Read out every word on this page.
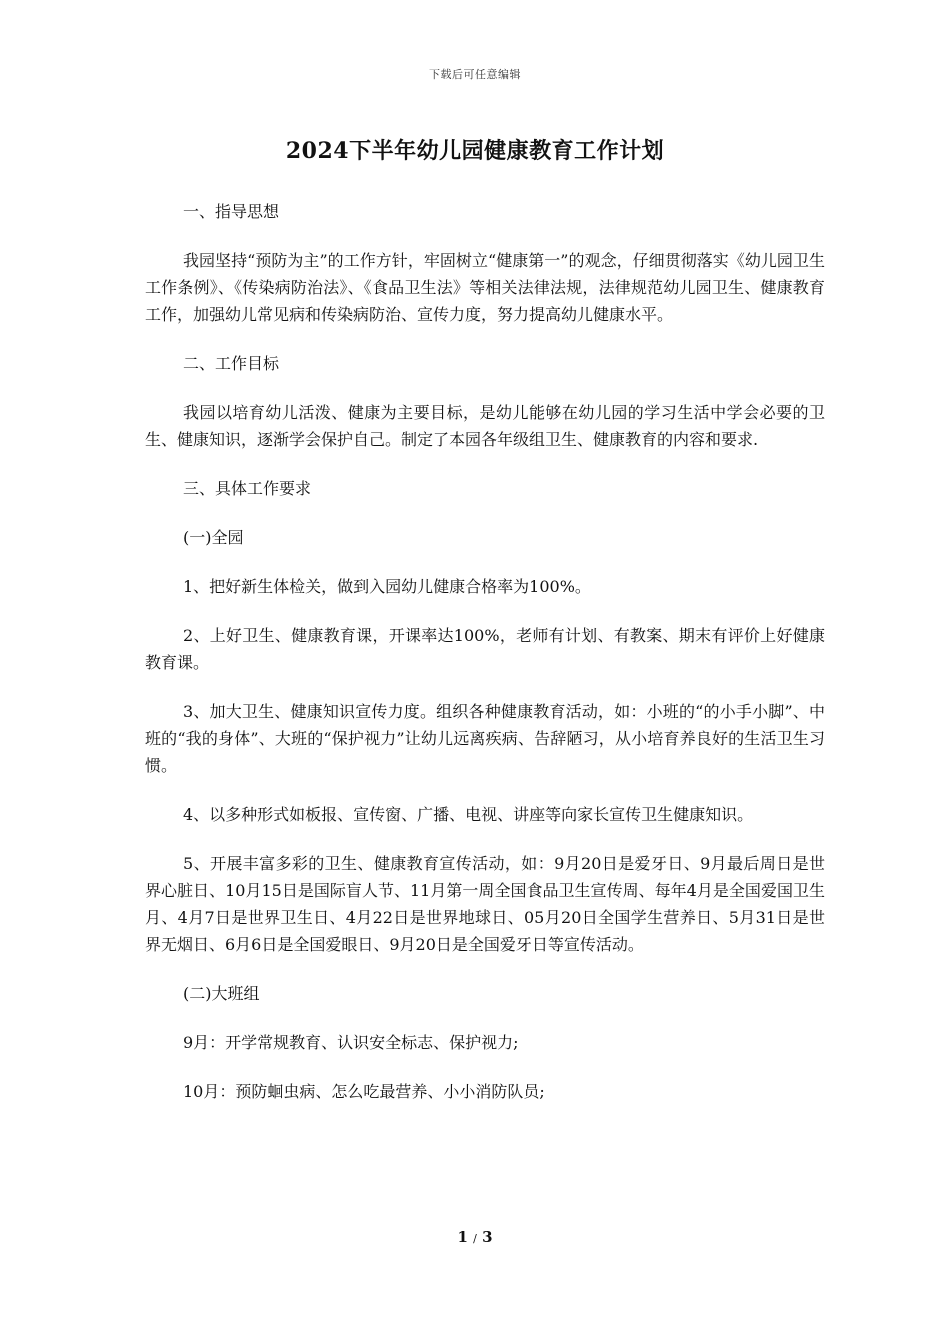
下载后可任意编辑
2024下半年幼儿园健康教育工作计划

一、指导思想

我园坚持“预防为主”的工作方针，牢固树立“健康第一”的观念，仔细贯彻落实《幼儿园卫生工作条例》、《传染病防治法》、《食品卫生法》等相关法律法规，法律规范幼儿园卫生、健康教育工作，加强幼儿常见病和传染病防治、宣传力度，努力提高幼儿健康水平。

二、工作目标

我园以培育幼儿活泼、健康为主要目标，是幼儿能够在幼儿园的学习生活中学会必要的卫生、健康知识，逐渐学会保护自己。制定了本园各年级组卫生、健康教育的内容和要求.

三、具体工作要求

(一)全园

1、把好新生体检关，做到入园幼儿健康合格率为100%。

2、上好卫生、健康教育课，开课率达100%，老师有计划、有教案、期末有评价上好健康教育课。

3、加大卫生、健康知识宣传力度。组织各种健康教育活动，如：小班的“的小手小脚”、中班的“我的身体”、大班的“保护视力”让幼儿远离疾病、告辞陋习，从小培育养良好的生活卫生习惯。

4、以多种形式如板报、宣传窗、广播、电视、讲座等向家长宣传卫生健康知识。

5、开展丰富多彩的卫生、健康教育宣传活动，如：9月20日是爱牙日、9月最后周日是世界心脏日、10月15日是国际盲人节、11月第一周全国食品卫生宣传周、每年4月是全国爱国卫生月、4月7日是世界卫生日、4月22日是世界地球日、05月20日全国学生营养日、5月31日是世界无烟日、6月6日是全国爱眼日、9月20日是全国爱牙日等宣传活动。

(二)大班组

9月：开学常规教育、认识安全标志、保护视力;

10月：预防蛔虫病、怎么吃最营养、小小消防队员;

1 / 3
